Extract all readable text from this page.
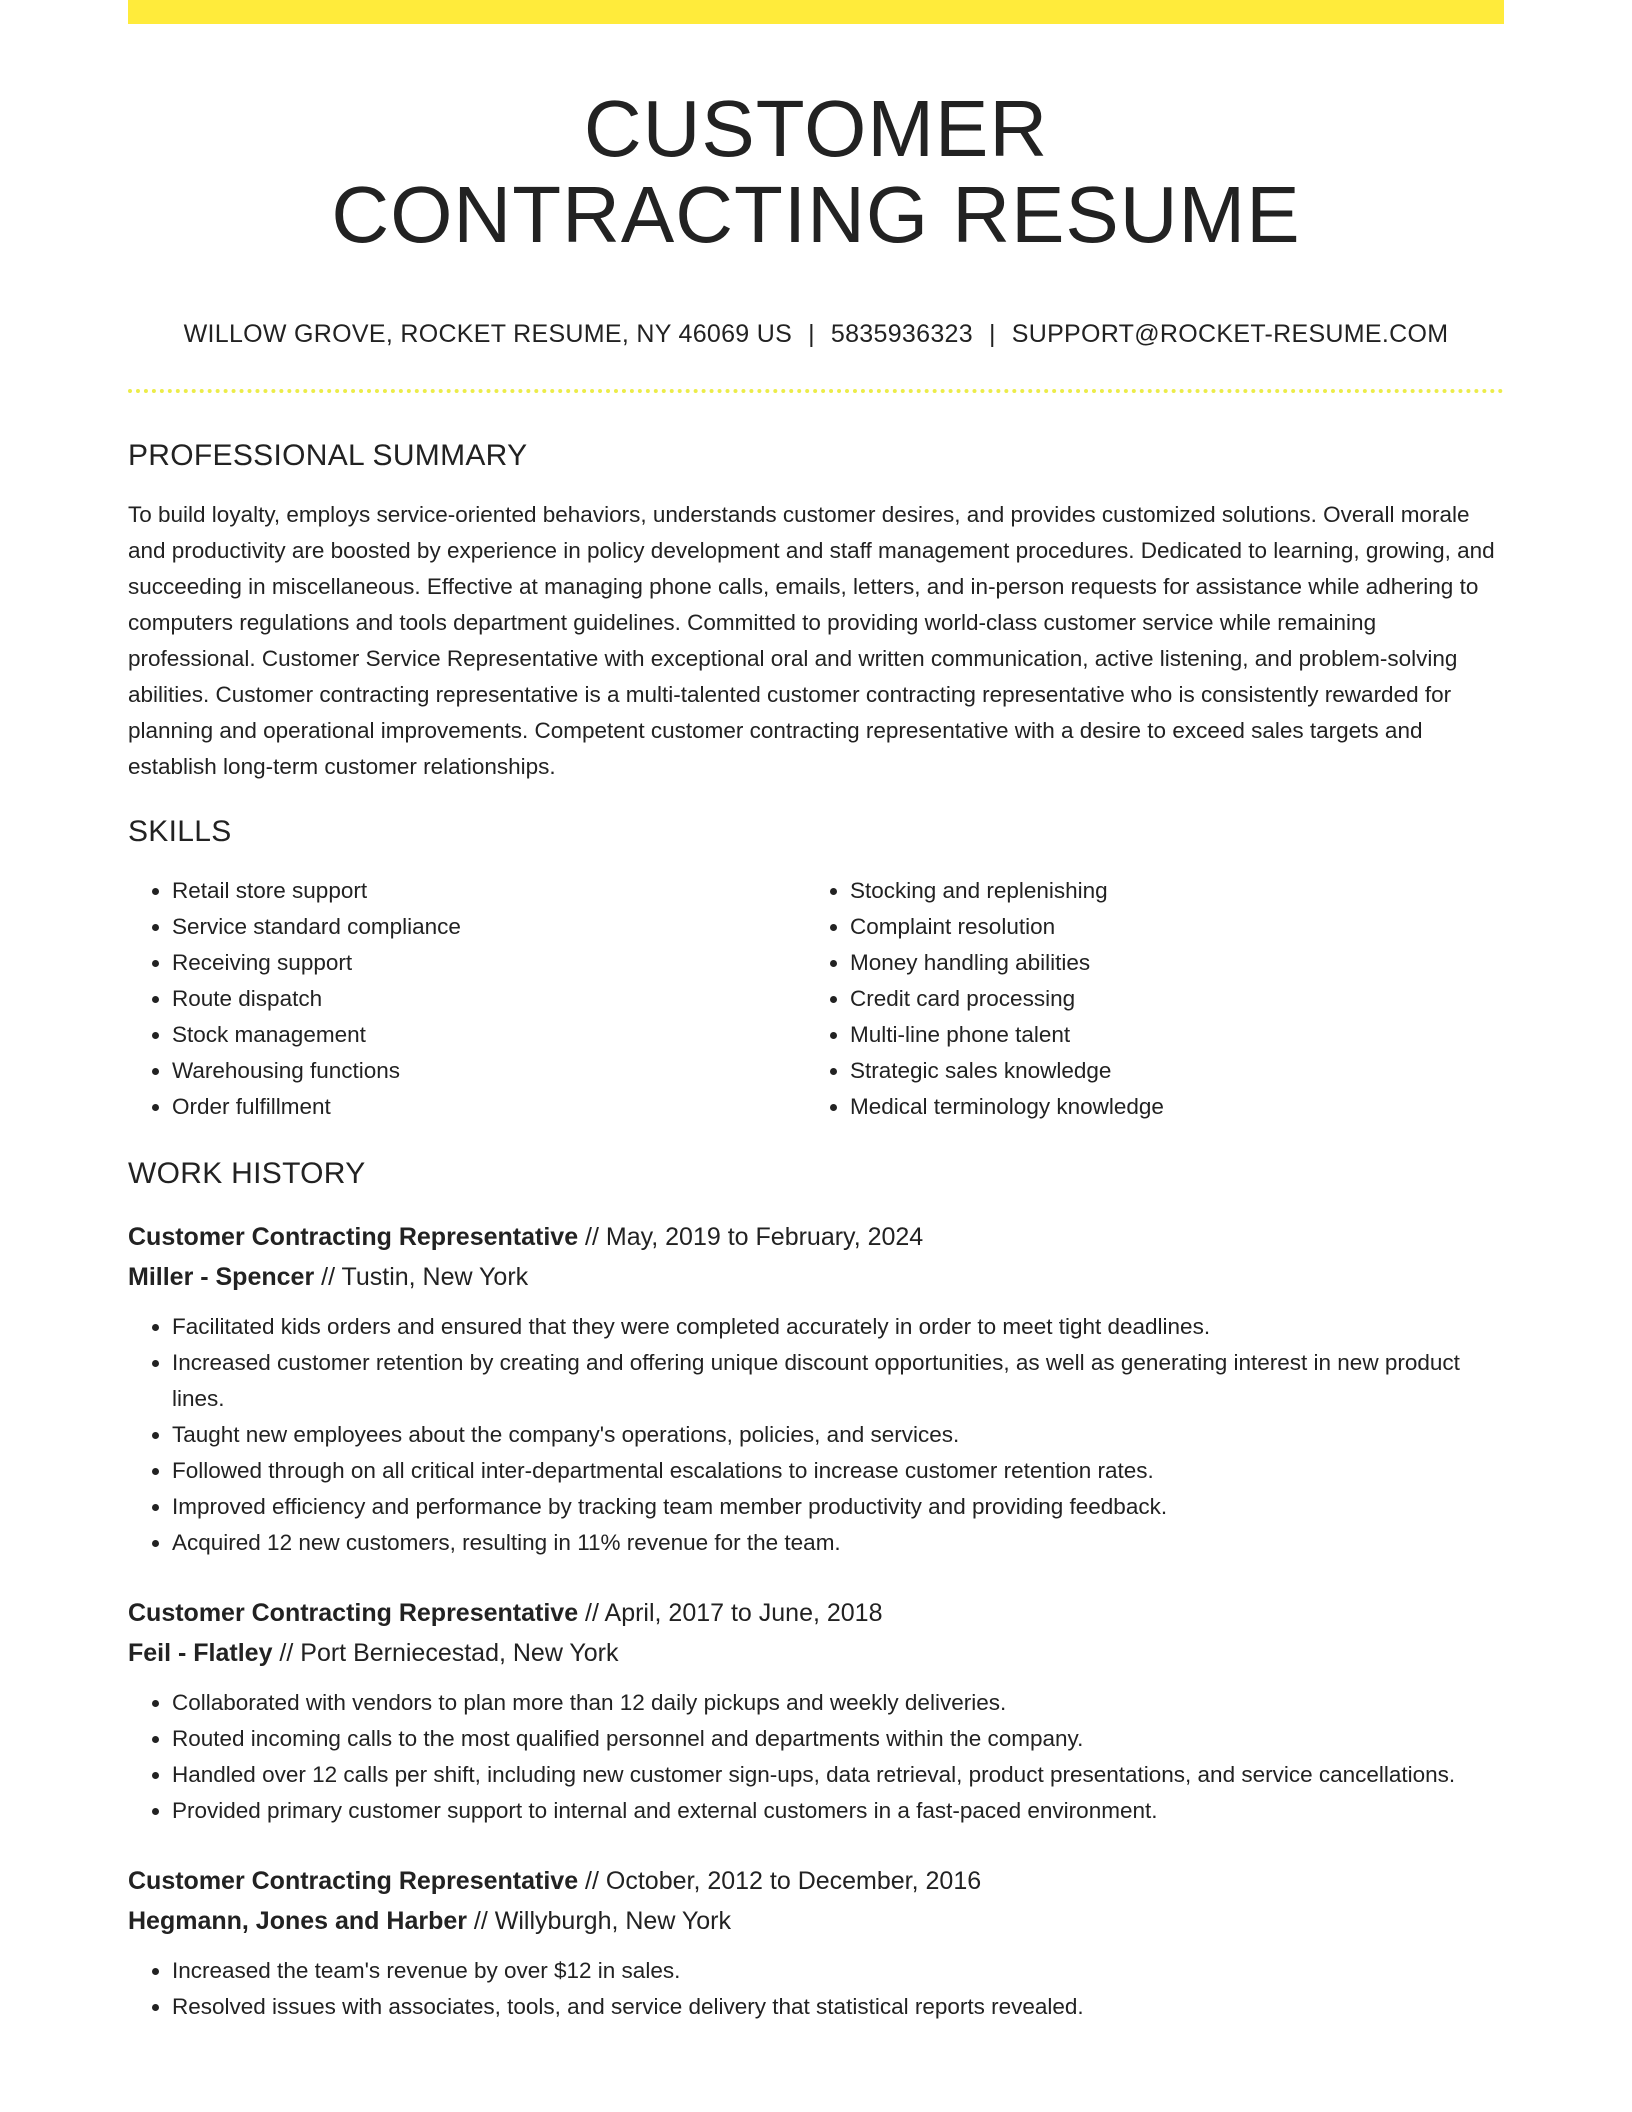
CUSTOMER
CONTRACTING RESUME
WILLOW GROVE, ROCKET RESUME, NY 46069 US | 5835936323 | SUPPORT@ROCKET-RESUME.COM
PROFESSIONAL SUMMARY

To build loyalty, employs service-oriented behaviors, understands customer desires, and provides customized solutions. Overall morale and productivity are boosted by experience in policy development and staff management procedures. Dedicated to learning, growing, and succeeding in miscellaneous. Effective at managing phone calls, emails, letters, and in-person requests for assistance while adhering to computers regulations and tools department guidelines. Committed to providing world-class customer service while remaining professional. Customer Service Representative with exceptional oral and written communication, active listening, and problem-solving abilities. Customer contracting representative is a multi-talented customer contracting representative who is consistently rewarded for planning and operational improvements. Competent customer contracting representative with a desire to exceed sales targets and establish long-term customer relationships.

SKILLS
• Retail store support
• Service standard compliance
• Receiving support
• Route dispatch
• Stock management
• Warehousing functions
• Order fulfillment
• Stocking and replenishing
• Complaint resolution
• Money handling abilities
• Credit card processing
• Multi-line phone talent
• Strategic sales knowledge
• Medical terminology knowledge
WORK HISTORY
Customer Contracting Representative // May, 2019 to February, 2024
Miller - Spencer // Tustin, New York
• Facilitated kids orders and ensured that they were completed accurately in order to meet tight deadlines.
• Increased customer retention by creating and offering unique discount opportunities, as well as generating interest in new product lines.
• Taught new employees about the company's operations, policies, and services.
• Followed through on all critical inter-departmental escalations to increase customer retention rates.
• Improved efficiency and performance by tracking team member productivity and providing feedback.
• Acquired 12 new customers, resulting in 11% revenue for the team.
Customer Contracting Representative // April, 2017 to June, 2018
Feil - Flatley // Port Berniecestad, New York
• Collaborated with vendors to plan more than 12 daily pickups and weekly deliveries.
• Routed incoming calls to the most qualified personnel and departments within the company.
• Handled over 12 calls per shift, including new customer sign-ups, data retrieval, product presentations, and service cancellations.
• Provided primary customer support to internal and external customers in a fast-paced environment.
Customer Contracting Representative // October, 2012 to December, 2016
Hegmann, Jones and Harber // Willyburgh, New York
• Increased the team's revenue by over $12 in sales.
• Resolved issues with associates, tools, and service delivery that statistical reports revealed.
